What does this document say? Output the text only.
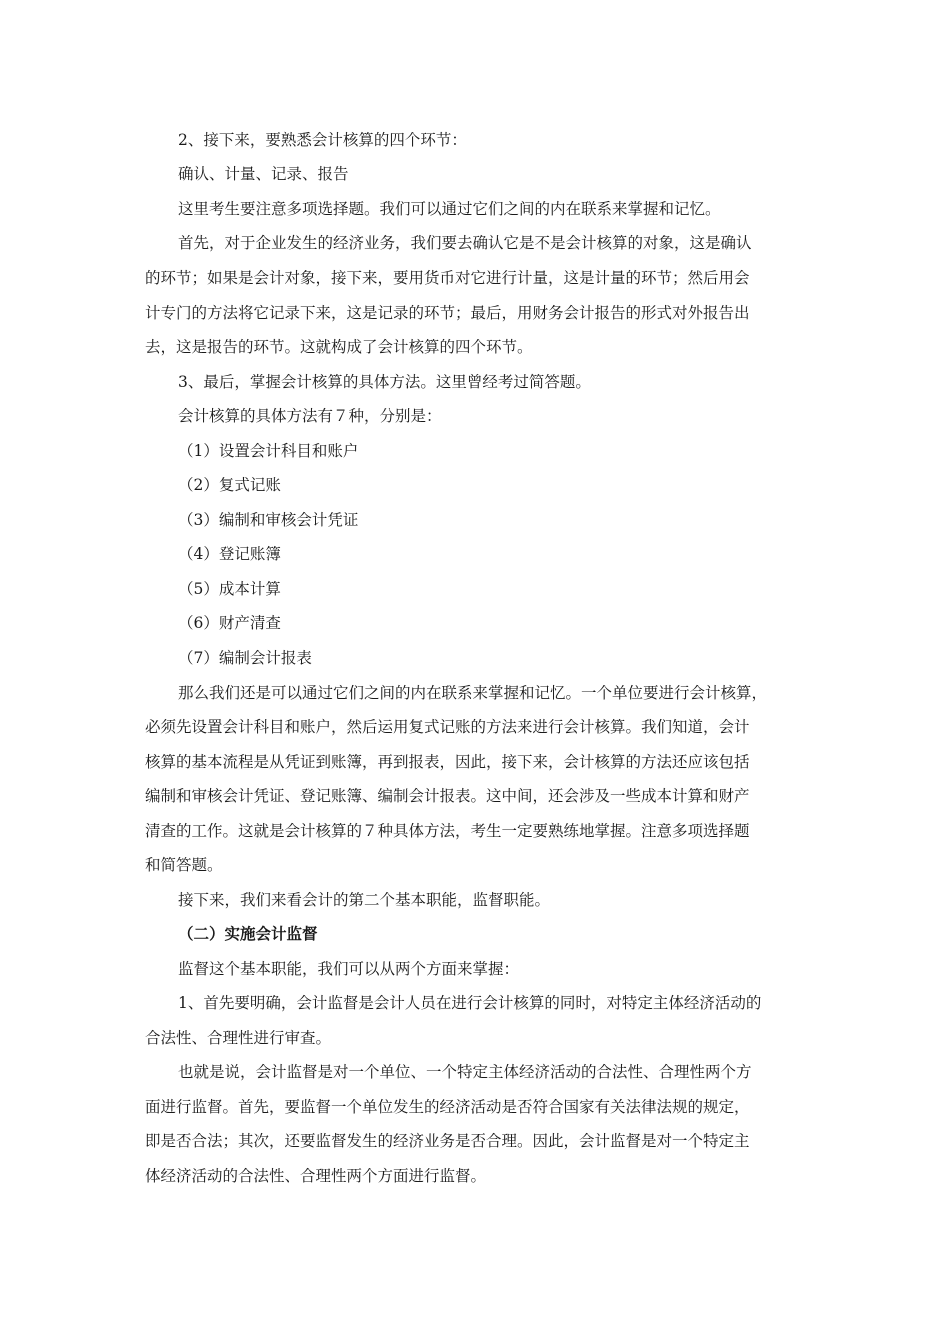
2、接下来，要熟悉会计核算的四个环节：
确认、计量、记录、报告
这里考生要注意多项选择题。我们可以通过它们之间的内在联系来掌握和记忆。
首先，对于企业发生的经济业务，我们要去确认它是不是会计核算的对象，这是确认
的环节；如果是会计对象，接下来，要用货币对它进行计量，这是计量的环节；然后用会
计专门的方法将它记录下来，这是记录的环节；最后，用财务会计报告的形式对外报告出
去，这是报告的环节。这就构成了会计核算的四个环节。
3、最后，掌握会计核算的具体方法。这里曾经考过简答题。
会计核算的具体方法有７种，分别是：
（1）设置会计科目和账户
（2）复式记账
（3）编制和审核会计凭证
（4）登记账簿
（5）成本计算
（6）财产清查
（7）编制会计报表
那么我们还是可以通过它们之间的内在联系来掌握和记忆。一个单位要进行会计核算，
必须先设置会计科目和账户，然后运用复式记账的方法来进行会计核算。我们知道，会计
核算的基本流程是从凭证到账簿，再到报表，因此，接下来，会计核算的方法还应该包括
编制和审核会计凭证、登记账簿、编制会计报表。这中间，还会涉及一些成本计算和财产
清查的工作。这就是会计核算的７种具体方法，考生一定要熟练地掌握。注意多项选择题
和简答题。
接下来，我们来看会计的第二个基本职能，监督职能。
（二）实施会计监督
监督这个基本职能，我们可以从两个方面来掌握：
1、首先要明确，会计监督是会计人员在进行会计核算的同时，对特定主体经济活动的
合法性、合理性进行审查。
也就是说，会计监督是对一个单位、一个特定主体经济活动的合法性、合理性两个方
面进行监督。首先，要监督一个单位发生的经济活动是否符合国家有关法律法规的规定，
即是否合法；其次，还要监督发生的经济业务是否合理。因此，会计监督是对一个特定主
体经济活动的合法性、合理性两个方面进行监督。
